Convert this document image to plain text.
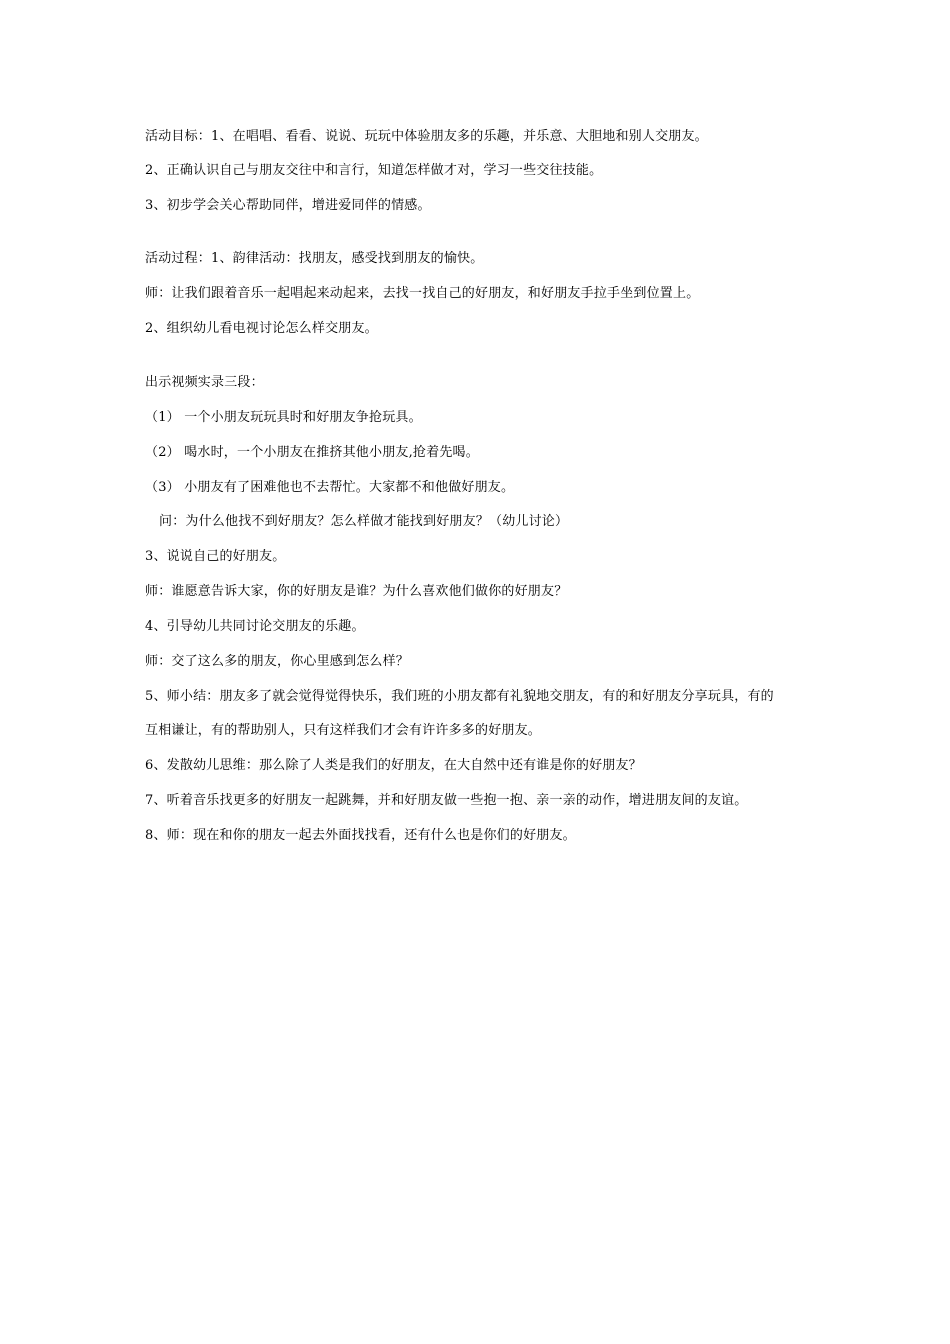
活动目标：1、在唱唱、看看、说说、玩玩中体验朋友多的乐趣，并乐意、大胆地和别人交朋友。
2、正确认识自己与朋友交往中和言行，知道怎样做才对，学习一些交往技能。
3、初步学会关心帮助同伴，增进爱同伴的情感。
活动过程：1、韵律活动：找朋友，感受找到朋友的愉快。
师：让我们跟着音乐一起唱起来动起来，去找一找自己的好朋友，和好朋友手拉手坐到位置上。
2、组织幼儿看电视讨论怎么样交朋友。
出示视频实录三段：
（1） 一个小朋友玩玩具时和好朋友争抢玩具。
（2） 喝水时，一个小朋友在推挤其他小朋友,抢着先喝。
（3） 小朋友有了困难他也不去帮忙。大家都不和他做好朋友。
问：为什么他找不到好朋友？怎么样做才能找到好朋友？（幼儿讨论）
3、说说自己的好朋友。
师：谁愿意告诉大家，你的好朋友是谁？为什么喜欢他们做你的好朋友？
4、引导幼儿共同讨论交朋友的乐趣。
师：交了这么多的朋友，你心里感到怎么样？
5、师小结：朋友多了就会觉得觉得快乐，我们班的小朋友都有礼貌地交朋友，有的和好朋友分享玩具，有的
互相谦让，有的帮助别人，只有这样我们才会有许许多多的好朋友。
6、发散幼儿思维：那么除了人类是我们的好朋友，在大自然中还有谁是你的好朋友？
7、听着音乐找更多的好朋友一起跳舞，并和好朋友做一些抱一抱、亲一亲的动作，增进朋友间的友谊。
8、师：现在和你的朋友一起去外面找找看，还有什么也是你们的好朋友。
